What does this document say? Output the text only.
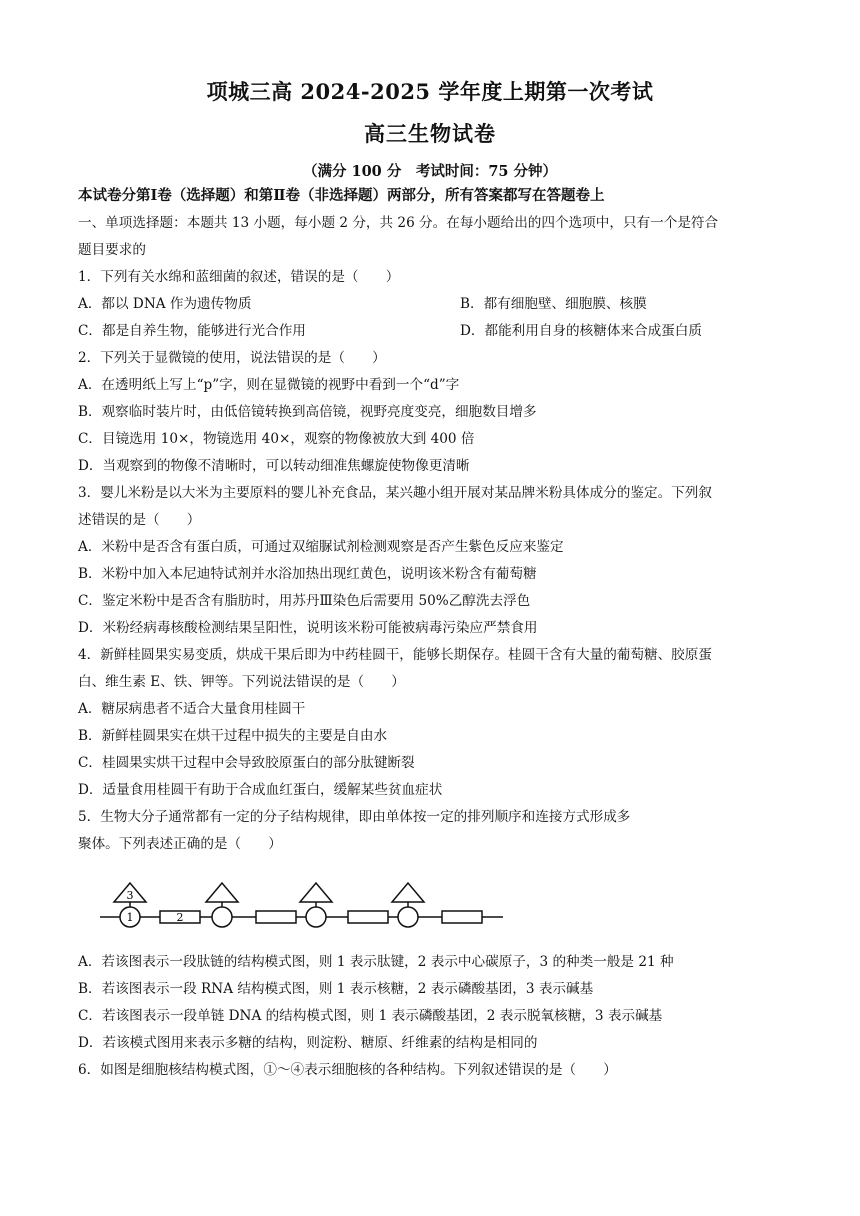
项城三高 2024-2025 学年度上期第一次考试
高三生物试卷
（满分 100 分　考试时间：75 分钟）
本试卷分第Ⅰ卷（选择题）和第Ⅱ卷（非选择题）两部分，所有答案都写在答题卷上
一、单项选择题：本题共 13 小题，每小题 2 分，共 26 分。在每小题给出的四个选项中，只有一个是符合
题目要求的
1．下列有关水绵和蓝细菌的叙述，错误的是（　　）
A．都以 DNA 作为遗传物质	B．都有细胞壁、细胞膜、核膜
C．都是自养生物，能够进行光合作用	D．都能利用自身的核糖体来合成蛋白质
2．下列关于显微镜的使用，说法错误的是（　　）
A．在透明纸上写上“p”字，则在显微镜的视野中看到一个“d”字
B．观察临时装片时，由低倍镜转换到高倍镜，视野亮度变亮，细胞数目增多
C．目镜选用 10×，物镜选用 40×，观察的物像被放大到 400 倍
D．当观察到的物像不清晰时，可以转动细准焦螺旋使物像更清晰
3．婴儿米粉是以大米为主要原料的婴儿补充食品，某兴趣小组开展对某品牌米粉具体成分的鉴定。下列叙
述错误的是（　　）
A．米粉中是否含有蛋白质，可通过双缩脲试剂检测观察是否产生紫色反应来鉴定
B．米粉中加入本尼迪特试剂并水浴加热出现红黄色，说明该米粉含有葡萄糖
C．鉴定米粉中是否含有脂肪时，用苏丹Ⅲ染色后需要用 50%乙醇洗去浮色
D．米粉经病毒核酸检测结果呈阳性，说明该米粉可能被病毒污染应严禁食用
4．新鲜桂圆果实易变质，烘成干果后即为中药桂圆干，能够长期保存。桂圆干含有大量的葡萄糖、胶原蛋
白、维生素 E、铁、钾等。下列说法错误的是（　　）
A．糖尿病患者不适合大量食用桂圆干
B．新鲜桂圆果实在烘干过程中损失的主要是自由水
C．桂圆果实烘干过程中会导致胶原蛋白的部分肽键断裂
D．适量食用桂圆干有助于合成血红蛋白，缓解某些贫血症状
5．生物大分子通常都有一定的分子结构规律，即由单体按一定的排列顺序和连接方式形成多
聚体。下列表述正确的是（　　）
3
1	2
A．若该图表示一段肽链的结构模式图，则 1 表示肽键，2 表示中心碳原子，3 的种类一般是 21 种
B．若该图表示一段 RNA 结构模式图，则 1 表示核糖，2 表示磷酸基团，3 表示碱基
C．若该图表示一段单链 DNA 的结构模式图，则 1 表示磷酸基团，2 表示脱氧核糖，3 表示碱基
D．若该模式图用来表示多糖的结构，则淀粉、糖原、纤维素的结构是相同的
6．如图是细胞核结构模式图，①～④表示细胞核的各种结构。下列叙述错误的是（　　）
